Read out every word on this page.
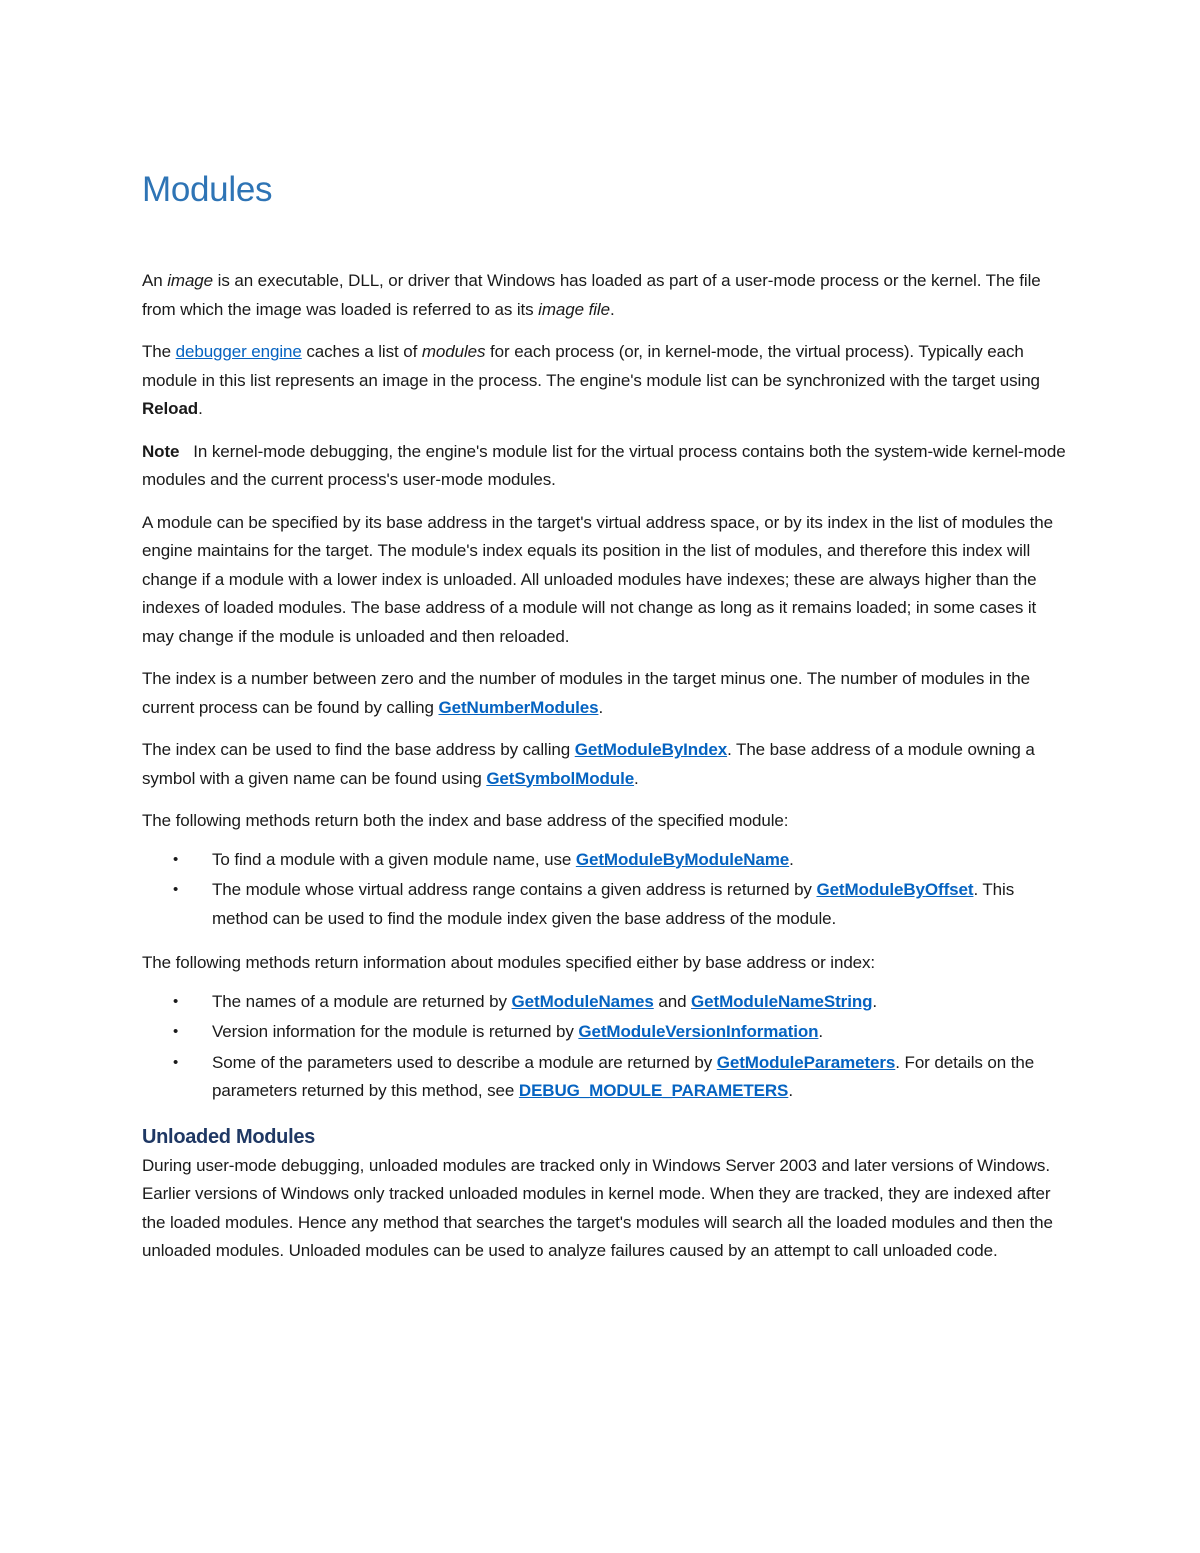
Modules

An image is an executable, DLL, or driver that Windows has loaded as part of a user-mode process or the kernel. The file from which the image was loaded is referred to as its image file.

The debugger engine caches a list of modules for each process (or, in kernel-mode, the virtual process). Typically each module in this list represents an image in the process. The engine's module list can be synchronized with the target using Reload.

Note   In kernel-mode debugging, the engine's module list for the virtual process contains both the system-wide kernel-mode modules and the current process's user-mode modules.

A module can be specified by its base address in the target's virtual address space, or by its index in the list of modules the engine maintains for the target. The module's index equals its position in the list of modules, and therefore this index will change if a module with a lower index is unloaded. All unloaded modules have indexes; these are always higher than the indexes of loaded modules. The base address of a module will not change as long as it remains loaded; in some cases it may change if the module is unloaded and then reloaded.

The index is a number between zero and the number of modules in the target minus one. The number of modules in the current process can be found by calling GetNumberModules.

The index can be used to find the base address by calling GetModuleByIndex. The base address of a module owning a symbol with a given name can be found using GetSymbolModule.

The following methods return both the index and base address of the specified module:

• To find a module with a given module name, use GetModuleByModuleName.
• The module whose virtual address range contains a given address is returned by GetModuleByOffset. This method can be used to find the module index given the base address of the module.

The following methods return information about modules specified either by base address or index:

• The names of a module are returned by GetModuleNames and GetModuleNameString.
• Version information for the module is returned by GetModuleVersionInformation.
• Some of the parameters used to describe a module are returned by GetModuleParameters. For details on the parameters returned by this method, see DEBUG_MODULE_PARAMETERS.
Unloaded Modules

During user-mode debugging, unloaded modules are tracked only in Windows Server 2003 and later versions of Windows. Earlier versions of Windows only tracked unloaded modules in kernel mode. When they are tracked, they are indexed after the loaded modules. Hence any method that searches the target's modules will search all the loaded modules and then the unloaded modules. Unloaded modules can be used to analyze failures caused by an attempt to call unloaded code.
